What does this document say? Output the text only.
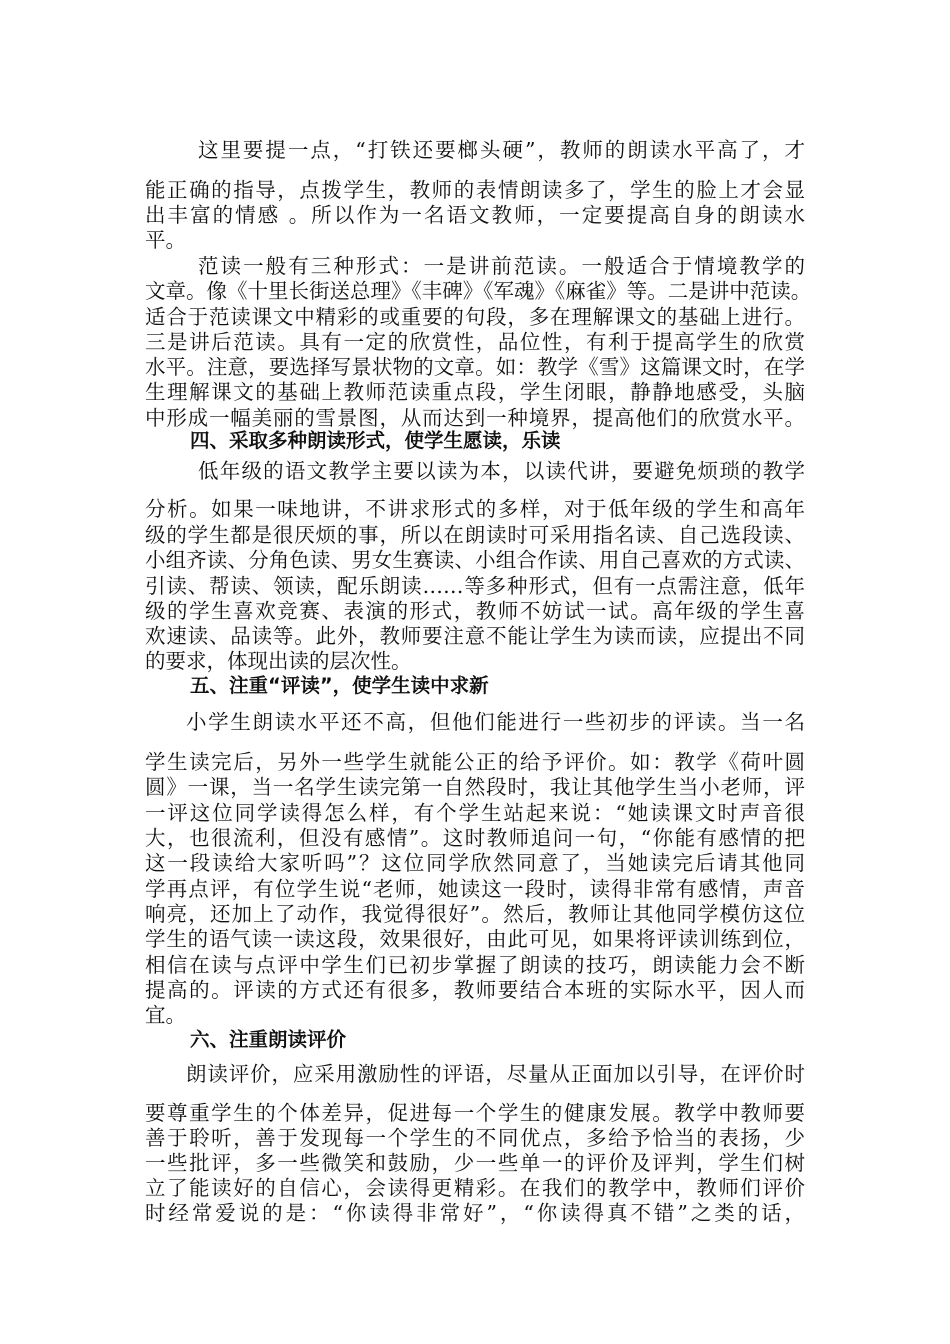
这里要提一点，“打铁还要榔头硬”，教师的朗读水平高了，才
能正确的指导，点拨学生，教师的表情朗读多了，学生的脸上才会显
出丰富的情感 。所以作为一名语文教师，一定要提高自身的朗读水
平。
范读一般有三种形式：一是讲前范读。一般适合于情境教学的
文章。像《十里长街送总理》《丰碑》《军魂》《麻雀》等。二是讲中范读。
适合于范读课文中精彩的或重要的句段，多在理解课文的基础上进行。
三是讲后范读。具有一定的欣赏性，品位性，有利于提高学生的欣赏
水平。注意，要选择写景状物的文章。如：教学《雪》这篇课文时，在学
生理解课文的基础上教师范读重点段，学生闭眼，静静地感受，头脑
中形成一幅美丽的雪景图，从而达到一种境界，提高他们的欣赏水平。
四、采取多种朗读形式，使学生愿读，乐读
低年级的语文教学主要以读为本，以读代讲，要避免烦琐的教学
分析。如果一味地讲，不讲求形式的多样，对于低年级的学生和高年
级的学生都是很厌烦的事，所以在朗读时可采用指名读、自己选段读、
小组齐读、分角色读、男女生赛读、小组合作读、用自己喜欢的方式读、
引读、帮读、领读，配乐朗读……等多种形式，但有一点需注意，低年
级的学生喜欢竞赛、表演的形式，教师不妨试一试。高年级的学生喜
欢速读、品读等。此外，教师要注意不能让学生为读而读，应提出不同
的要求，体现出读的层次性。
五、注重“评读”，使学生读中求新
小学生朗读水平还不高，但他们能进行一些初步的评读。当一名
学生读完后，另外一些学生就能公正的给予评价。如：教学《荷叶圆
圆》一课，当一名学生读完第一自然段时，我让其他学生当小老师，评
一评这位同学读得怎么样，有个学生站起来说：“她读课文时声音很
大，也很流利，但没有感情”。这时教师追问一句，“你能有感情的把
这一段读给大家听吗”？这位同学欣然同意了，当她读完后请其他同
学再点评，有位学生说“老师，她读这一段时，读得非常有感情，声音
响亮，还加上了动作，我觉得很好”。然后，教师让其他同学模仿这位
学生的语气读一读这段，效果很好，由此可见，如果将评读训练到位，
相信在读与点评中学生们已初步掌握了朗读的技巧，朗读能力会不断
提高的。评读的方式还有很多，教师要结合本班的实际水平，因人而
宜。
六、注重朗读评价
朗读评价，应采用激励性的评语，尽量从正面加以引导，在评价时
要尊重学生的个体差异，促进每一个学生的健康发展。教学中教师要
善于聆听，善于发现每一个学生的不同优点，多给予恰当的表扬，少
一些批评，多一些微笑和鼓励，少一些单一的评价及评判，学生们树
立了能读好的自信心，会读得更精彩。在我们的教学中，教师们评价
时经常爱说的是：“你读得非常好”，“你读得真不错”之类的话，
